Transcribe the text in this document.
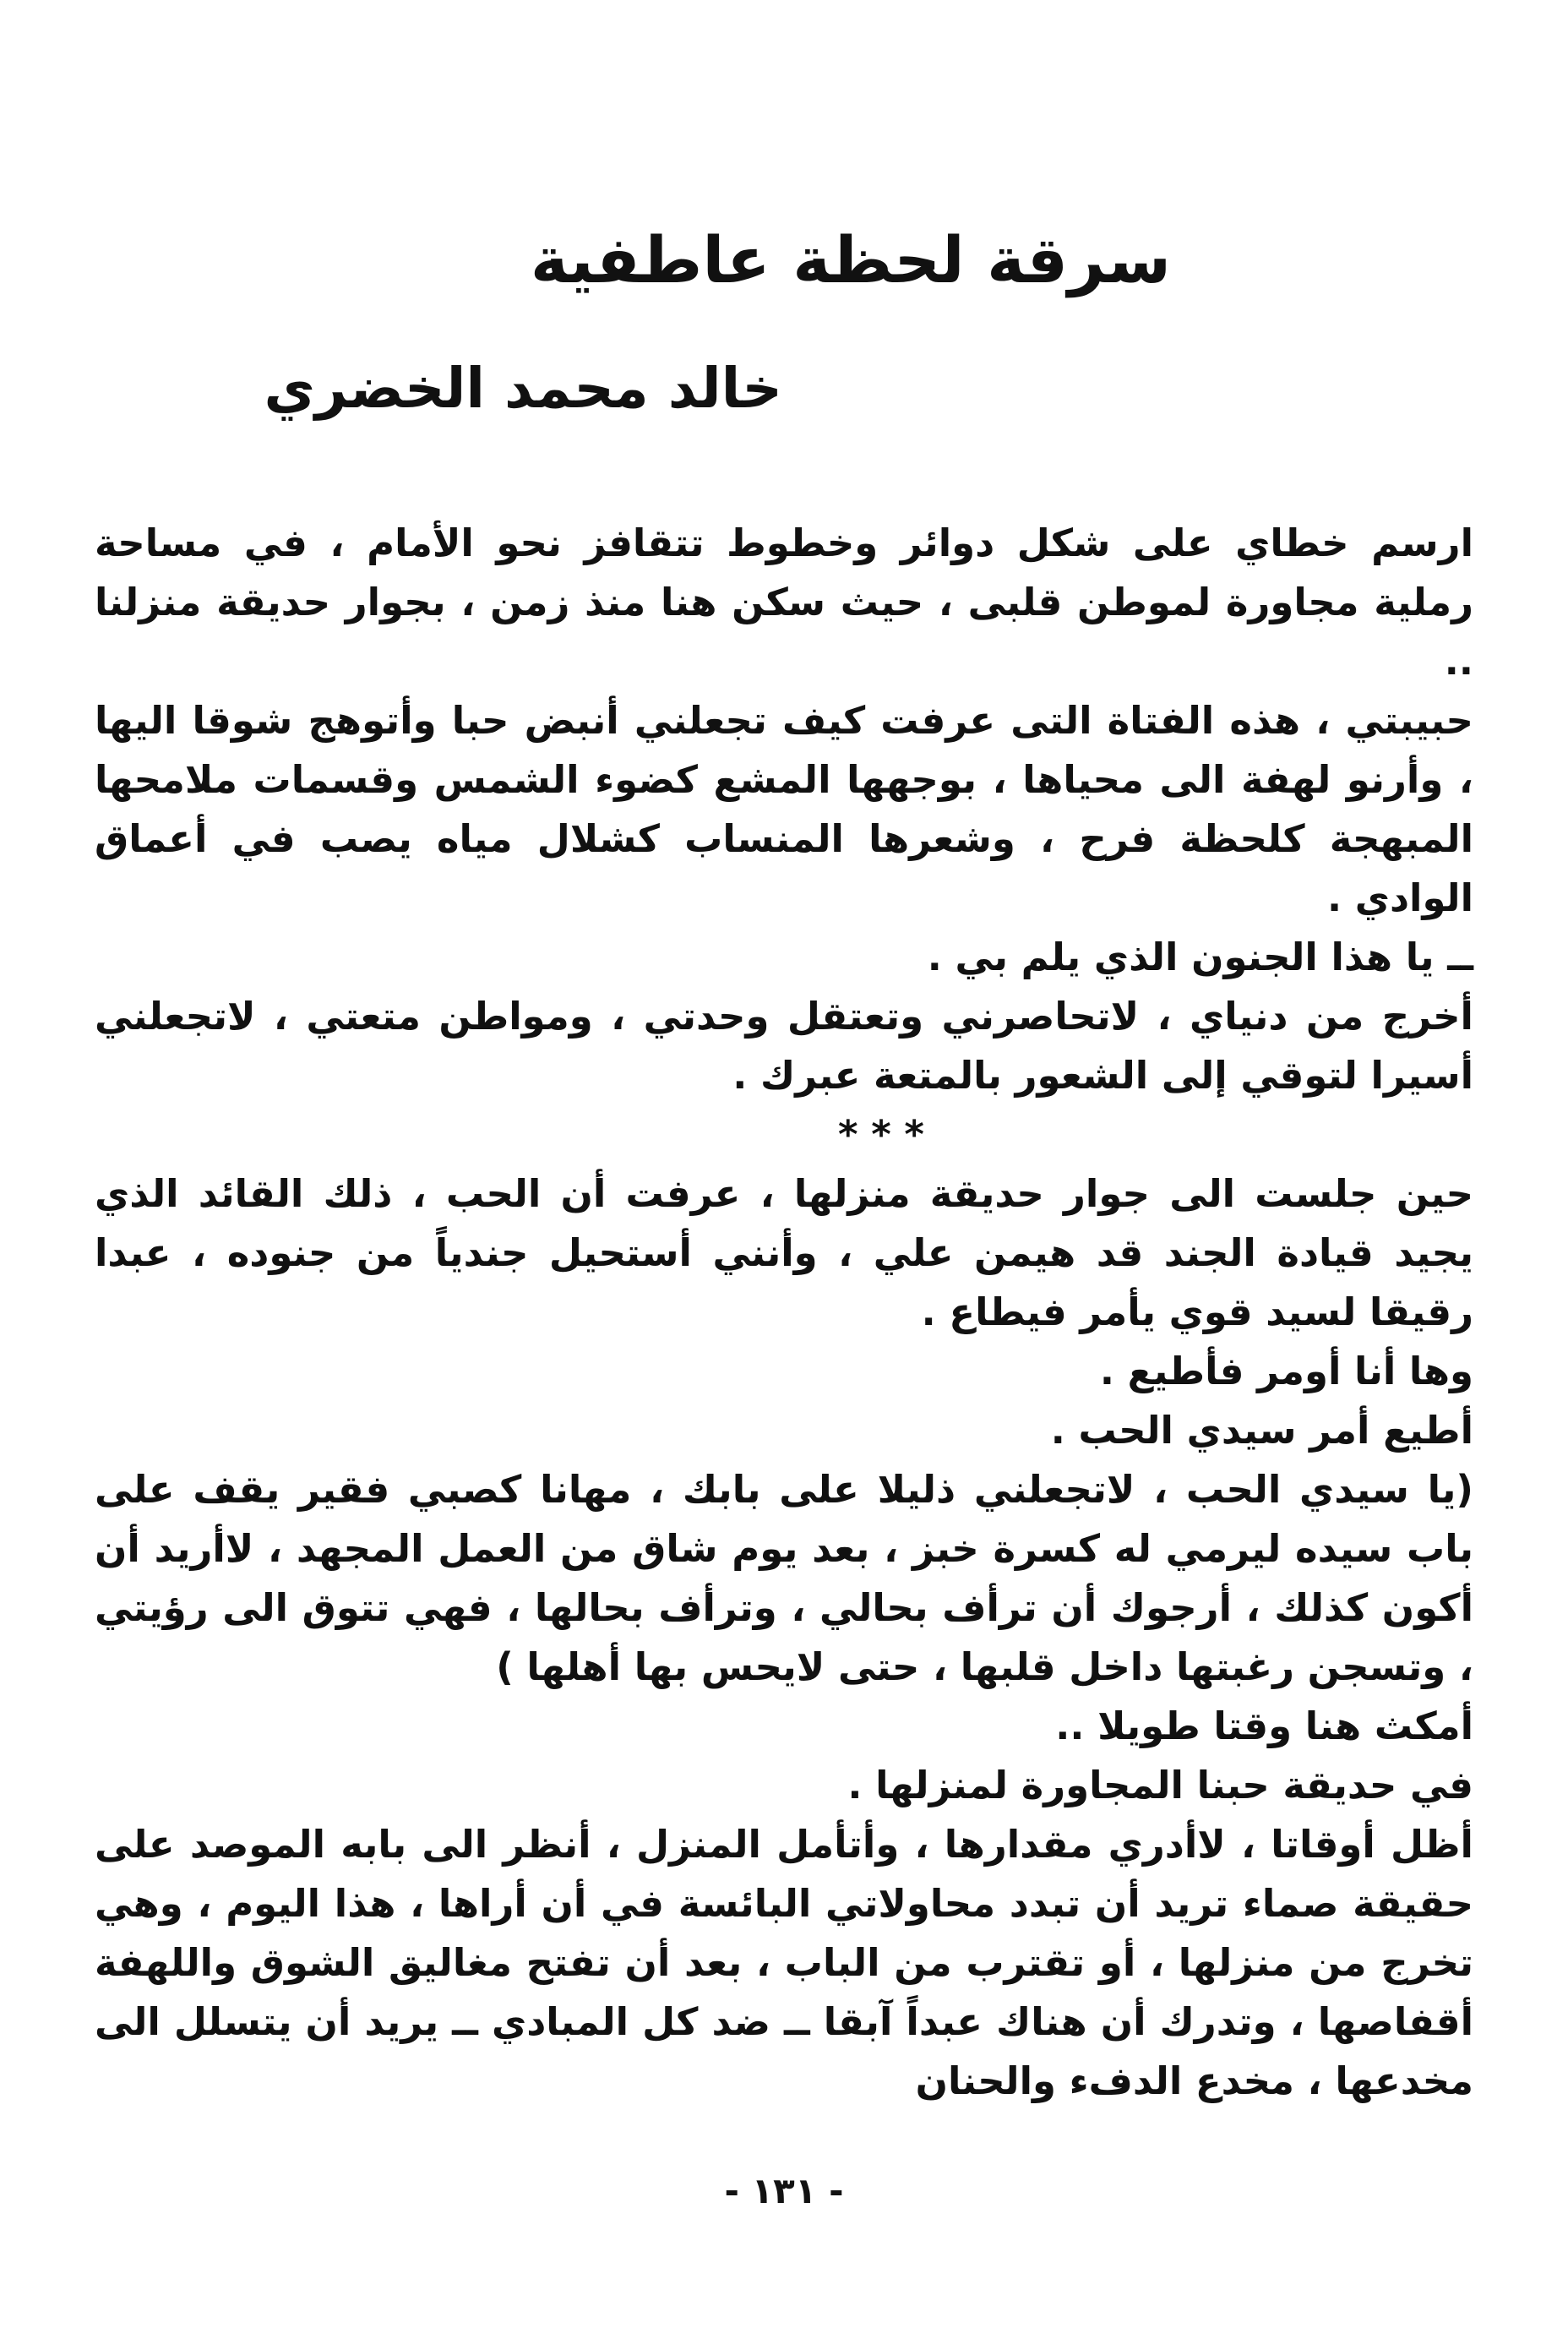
سرقة لحظة عاطفية
خالد محمد الخضري

ارسم خطاي على شكل دوائر وخطوط تتقافز نحو الأمام ، في مساحة رملية مجاورة لموطن قلبى ، حيث سكن هنا منذ زمن ، بجوار حديقة منزلنا ..

حبيبتي ، هذه الفتاة التى عرفت كيف تجعلني أنبض حبا وأتوهج شوقا اليها ، وأرنو لهفة الى محياها ، بوجهها المشع كضوء الشمس وقسمات ملامحها المبهجة كلحظة فرح ، وشعرها المنساب كشلال مياه يصب في أعماق الوادي .

ــ يا هذا الجنون الذي يلم بي .

أخرج من دنياي ، لاتحاصرني وتعتقل وحدتي ، ومواطن متعتي ، لاتجعلني أسيرا لتوقي إلى الشعور بالمتعة عبرك .

* * *

حين جلست الى جوار حديقة منزلها ، عرفت أن الحب ، ذلك القائد الذي يجيد قيادة الجند قد هيمن علي ، وأنني أستحيل جندياً من جنوده ، عبدا رقيقا لسيد قوي يأمر فيطاع .

وها أنا أومر فأطيع .

أطيع أمر سيدي الحب .

(يا سيدي الحب ، لاتجعلني ذليلا على بابك ، مهانا كصبي فقير يقف على باب سيده ليرمي له كسرة خبز ، بعد يوم شاق من العمل المجهد ، لاأريد أن أكون كذلك ، أرجوك أن ترأف بحالي ، وترأف بحالها ، فهي تتوق الى رؤيتي ، وتسجن رغبتها داخل قلبها ، حتى لايحس بها أهلها )

أمكث هنا وقتا طويلا ..

في حديقة حبنا المجاورة لمنزلها .

أظل أوقاتا ، لاأدري مقدارها ، وأتأمل المنزل ، أنظر الى بابه الموصد على حقيقة صماء تريد أن تبدد محاولاتي البائسة في أن أراها ، هذا اليوم ، وهي تخرج من منزلها ، أو تقترب من الباب ، بعد أن تفتح مغاليق الشوق واللهفة أقفاصها ، وتدرك أن هناك عبداً آبقا ــ ضد كل المبادي ــ يريد أن يتسلل الى مخدعها ، مخدع الدفء والحنان

- ١٣١ -
